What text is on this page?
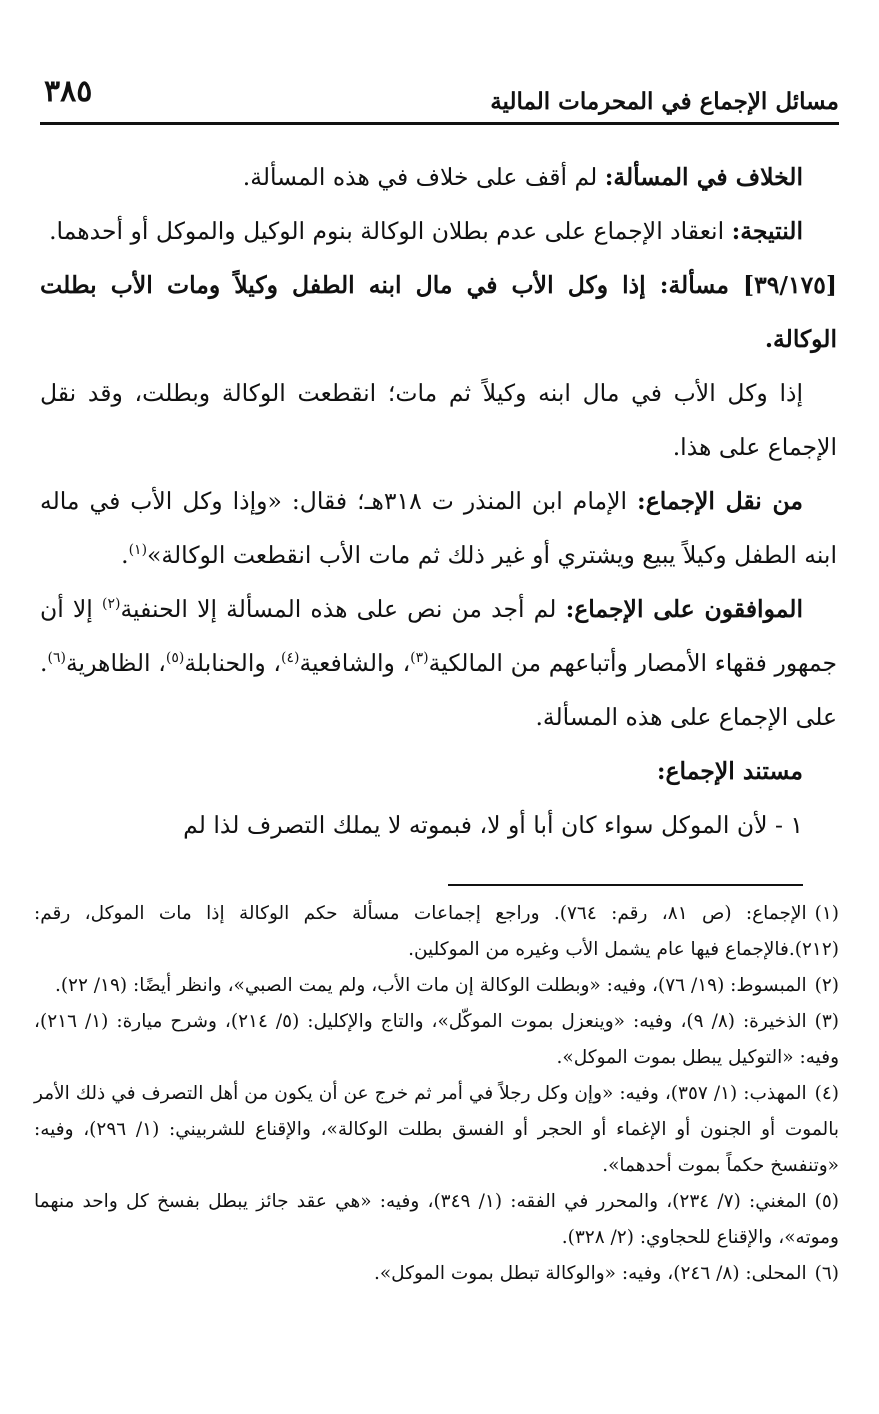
٣٨٥	مسائل الإجماع في المحرمات المالية

الخلاف في المسألة: لم أقف على خلاف في هذه المسألة.

النتيجة: انعقاد الإجماع على عدم بطلان الوكالة بنوم الوكيل والموكل أو أحدهما.

[٣٩/١٧٥] مسألة: إذا وكل الأب في مال ابنه الطفل وكيلاً ومات الأب بطلت الوكالة.

إذا وكل الأب في مال ابنه وكيلاً ثم مات؛ انقطعت الوكالة وبطلت، وقد نقل الإجماع على هذا.

من نقل الإجماع: الإمام ابن المنذر ت ٣١٨هـ؛ فقال: «وإذا وكل الأب في ماله ابنه الطفل وكيلاً يبيع ويشتري أو غير ذلك ثم مات الأب انقطعت الوكالة»$^{(١)}$.

الموافقون على الإجماع: لم أجد من نص على هذه المسألة إلا الحنفية$^{(٢)}$ إلا أن جمهور فقهاء الأمصار وأتباعهم من المالكية$^{(٣)}$، والشافعية$^{(٤)}$، والحنابلة$^{(٥)}$، الظاهرية$^{(٦)}$. على الإجماع على هذه المسألة.

مستند الإجماع:

١ - لأن الموكل سواء كان أبا أو لا، فبموته لا يملك التصرف لذا لم

(١)الإجماع: (ص ٨١، رقم: ٧٦٤). وراجع إجماعات مسألة حكم الوكالة إذا مات الموكل، رقم: (٢١٢).فالإجماع فيها عام يشمل الأب وغيره من الموكلين.

(٢)المبسوط: (١٩/ ٧٦)، وفيه: «وبطلت الوكالة إن مات الأب، ولم يمت الصبي»، وانظر أيضًا: (١٩/ ٢٢).

(٣)الذخيرة: (٨/ ٩)، وفيه: «وينعزل بموت الموكّل»، والتاج والإكليل: (٥/ ٢١٤)، وشرح ميارة: (١/ ٢١٦)، وفيه: «التوكيل يبطل بموت الموكل».

(٤)المهذب: (١/ ٣٥٧)، وفيه: «وإن وكل رجلاً في أمر ثم خرج عن أن يكون من أهل التصرف في ذلك الأمر بالموت أو الجنون أو الإغماء أو الحجر أو الفسق بطلت الوكالة»، والإقناع للشربيني: (١/ ٢٩٦)، وفيه: «وتنفسخ حكماً بموت أحدهما».

(٥)المغني: (٧/ ٢٣٤)، والمحرر في الفقه: (١/ ٣٤٩)، وفيه: «هي عقد جائز يبطل بفسخ كل واحد منهما وموته»، والإقناع للحجاوي: (٢/ ٣٢٨).

(٦)المحلى: (٨/ ٢٤٦)، وفيه: «والوكالة تبطل بموت الموكل».
